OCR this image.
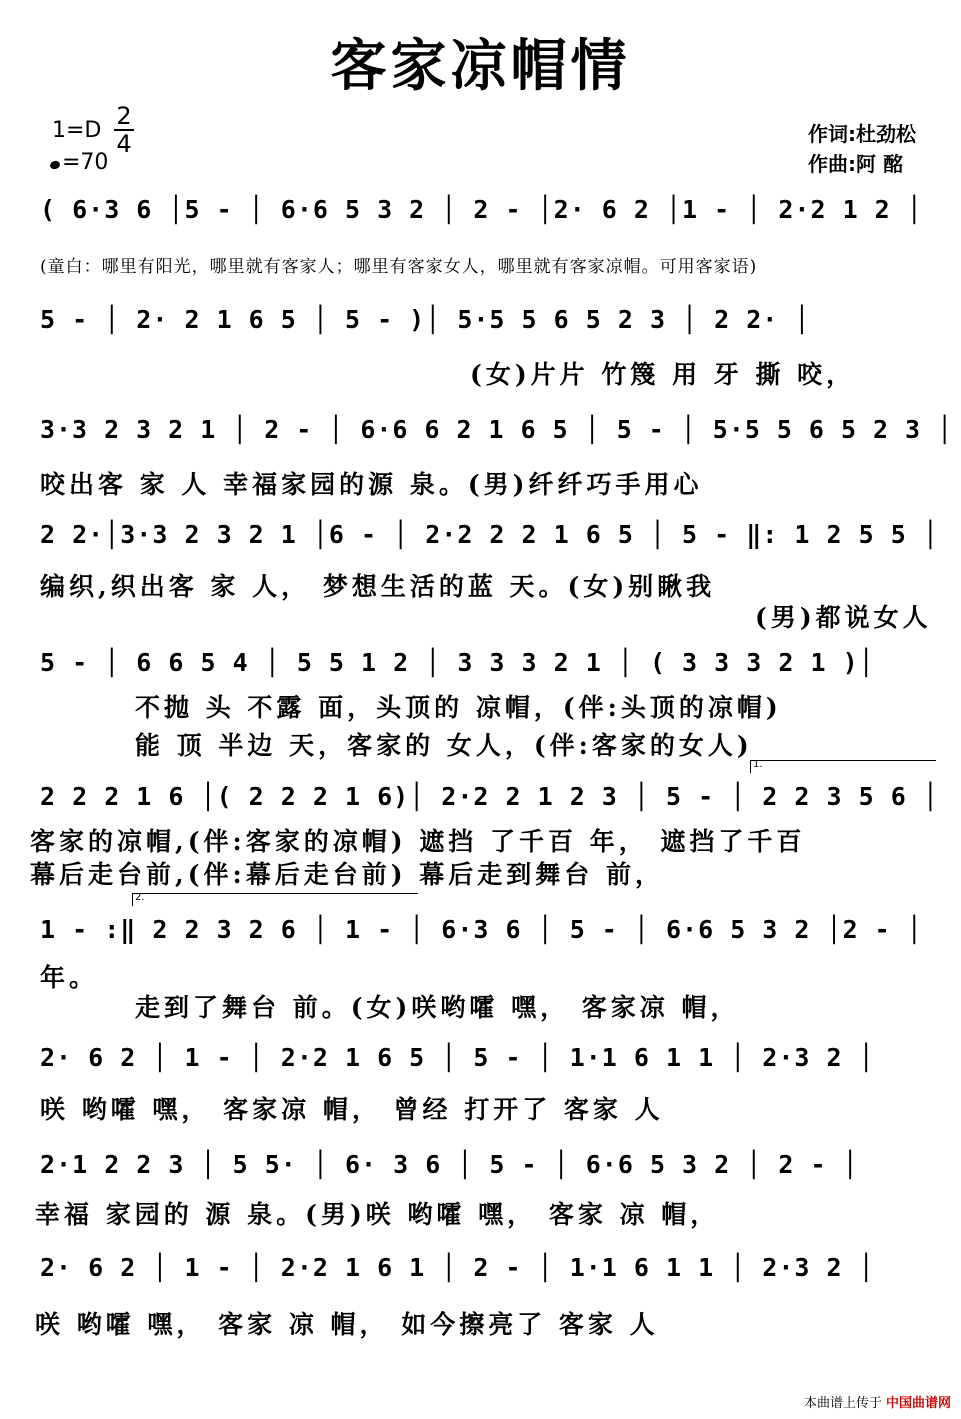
客家凉帽情
1=D
2
4
=70
作词:杜劲松
作曲:阿 酩
( 6·3 6 │5 - │ 6·6 5 3 2 │ 2 - │2· 6 2 │1 - │ 2·2 1 2 │
(童白：哪里有阳光，哪里就有客家人；哪里有客家女人，哪里就有客家凉帽。可用客家语)
5 - │ 2· 2 1 6 5 │ 5 - )│ 5·5 5 6 5 2 3 │ 2 2· │
(女)片片 竹篾 用 牙 撕 咬，
3·3 2 3 2 1 │ 2 - │ 6·6 6 2 1 6 5 │ 5 - │ 5·5 5 6 5 2 3 │
咬出客 家 人 幸福家园的源 泉。(男)纤纤巧手用心
2 2·│3·3 2 3 2 1 │6 - │ 2·2 2 2 1 6 5 │ 5 - ‖: 1 2 5 5 │
编织,织出客 家 人， 梦想生活的蓝 天。(女)别瞅我
(男)都说女人
5 - │ 6 6 5 4 │ 5 5 1 2 │ 3 3 3 2 1 │ ( 3 3 3 2 1 )│
不抛 头 不露 面，头顶的 凉帽，(伴:头顶的凉帽)
能 顶 半边 天，客家的 女人，(伴:客家的女人)
1.
2 2 2 1 6 │( 2 2 2 1 6)│ 2·2 2 1 2 3 │ 5 - │ 2 2 3 5 6 │
客家的凉帽,(伴:客家的凉帽) 遮挡 了千百 年， 遮挡了千百
幕后走台前,(伴:幕后走台前) 幕后走到舞台 前，
2.
1 - :‖ 2 2 3 2 6 │ 1 - │ 6·3 6 │ 5 - │ 6·6 5 3 2 │2 - │
年。
走到了舞台 前。(女)咲哟嚯 嘿， 客家凉 帽，
2· 6 2 │ 1 - │ 2·2 1 6 5 │ 5 - │ 1·1 6 1 1 │ 2·3 2 │
咲 哟嚯 嘿， 客家凉 帽， 曾经 打开了 客家 人
2·1 2 2 3 │ 5 5· │ 6· 3 6 │ 5 - │ 6·6 5 3 2 │ 2 - │
幸福 家园的 源 泉。(男)咲 哟嚯 嘿， 客家 凉 帽，
2· 6 2 │ 1 - │ 2·2 1 6 1 │ 2 - │ 1·1 6 1 1 │ 2·3 2 │
咲 哟嚯 嘿， 客家 凉 帽， 如今擦亮了 客家 人
本曲谱上传于 中国曲谱网
